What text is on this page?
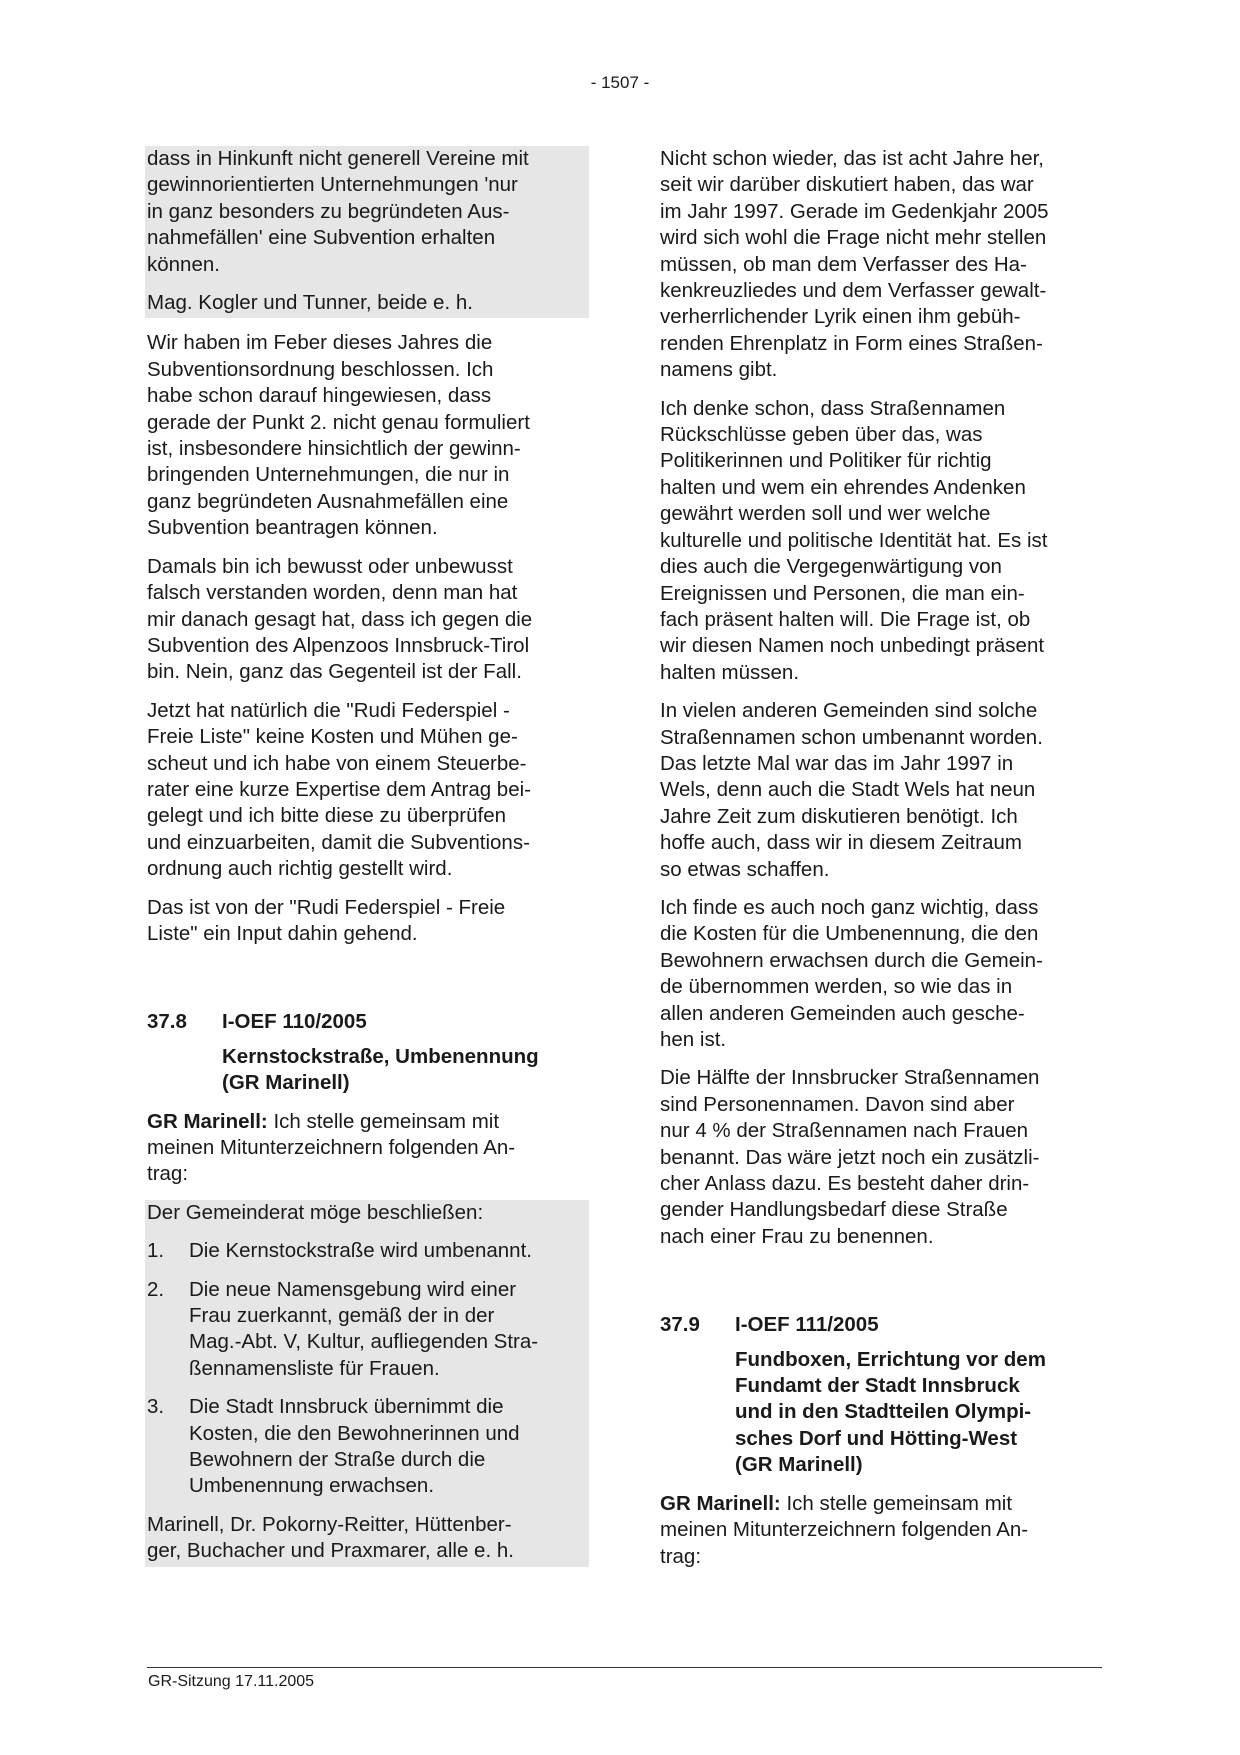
- 1507 -
dass in Hinkunft nicht generell Vereine mit
gewinnorientierten Unternehmungen 'nur
in ganz besonders zu begründeten Aus-
nahmefällen' eine Subvention erhalten
können.
Mag. Kogler und Tunner, beide e. h.
Wir haben im Feber dieses Jahres die
Subventionsordnung beschlossen. Ich
habe schon darauf hingewiesen, dass
gerade der Punkt 2. nicht genau formuliert
ist, insbesondere hinsichtlich der gewinn-
bringenden Unternehmungen, die nur in
ganz begründeten Ausnahmefällen eine
Subvention beantragen können.
Damals bin ich bewusst oder unbewusst
falsch verstanden worden, denn man hat
mir danach gesagt hat, dass ich gegen die
Subvention des Alpenzoos Innsbruck-Tirol
bin. Nein, ganz das Gegenteil ist der Fall.
Jetzt hat natürlich die "Rudi Federspiel -
Freie Liste" keine Kosten und Mühen ge-
scheut und ich habe von einem Steuerbe-
rater eine kurze Expertise dem Antrag bei-
gelegt und ich bitte diese zu überprüfen
und einzuarbeiten, damit die Subventions-
ordnung auch richtig gestellt wird.
Das ist von der "Rudi Federspiel - Freie
Liste" ein Input dahin gehend.
37.8 I-OEF 110/2005
Kernstockstraße, Umbenennung
(GR Marinell)
GR Marinell: Ich stelle gemeinsam mit
meinen Mitunterzeichnern folgenden An-
trag:
Der Gemeinderat möge beschließen:
1.	Die Kernstockstraße wird umbenannt.
2.	Die neue Namensgebung wird einer
Frau zuerkannt, gemäß der in der
Mag.-Abt. V, Kultur, aufliegenden Stra-
ßennamensliste für Frauen.
3.	Die Stadt Innsbruck übernimmt die
Kosten, die den Bewohnerinnen und
Bewohnern der Straße durch die
Umbenennung erwachsen.
Marinell, Dr. Pokorny-Reitter, Hüttenber-
ger, Buchacher und Praxmarer, alle e. h.
Nicht schon wieder, das ist acht Jahre her,
seit wir darüber diskutiert haben, das war
im Jahr 1997. Gerade im Gedenkjahr 2005
wird sich wohl die Frage nicht mehr stellen
müssen, ob man dem Verfasser des Ha-
kenkreuzliedes und dem Verfasser gewalt-
verherrlichender Lyrik einen ihm gebüh-
renden Ehrenplatz in Form eines Straßen-
namens gibt.
Ich denke schon, dass Straßennamen
Rückschlüsse geben über das, was
Politikerinnen und Politiker für richtig
halten und wem ein ehrendes Andenken
gewährt werden soll und wer welche
kulturelle und politische Identität hat. Es ist
dies auch die Vergegenwärtigung von
Ereignissen und Personen, die man ein-
fach präsent halten will. Die Frage ist, ob
wir diesen Namen noch unbedingt präsent
halten müssen.
In vielen anderen Gemeinden sind solche
Straßennamen schon umbenannt worden.
Das letzte Mal war das im Jahr 1997 in
Wels, denn auch die Stadt Wels hat neun
Jahre Zeit zum diskutieren benötigt. Ich
hoffe auch, dass wir in diesem Zeitraum
so etwas schaffen.
Ich finde es auch noch ganz wichtig, dass
die Kosten für die Umbenennung, die den
Bewohnern erwachsen durch die Gemein-
de übernommen werden, so wie das in
allen anderen Gemeinden auch gesche-
hen ist.
Die Hälfte der Innsbrucker Straßennamen
sind Personennamen. Davon sind aber
nur 4 % der Straßennamen nach Frauen
benannt. Das wäre jetzt noch ein zusätzli-
cher Anlass dazu. Es besteht daher drin-
gender Handlungsbedarf diese Straße
nach einer Frau zu benennen.
37.9 I-OEF 111/2005
Fundboxen, Errichtung vor dem
Fundamt der Stadt Innsbruck
und in den Stadtteilen Olympi-
sches Dorf und Hötting-West
(GR Marinell)
GR Marinell: Ich stelle gemeinsam mit
meinen Mitunterzeichnern folgenden An-
trag:
GR-Sitzung 17.11.2005
